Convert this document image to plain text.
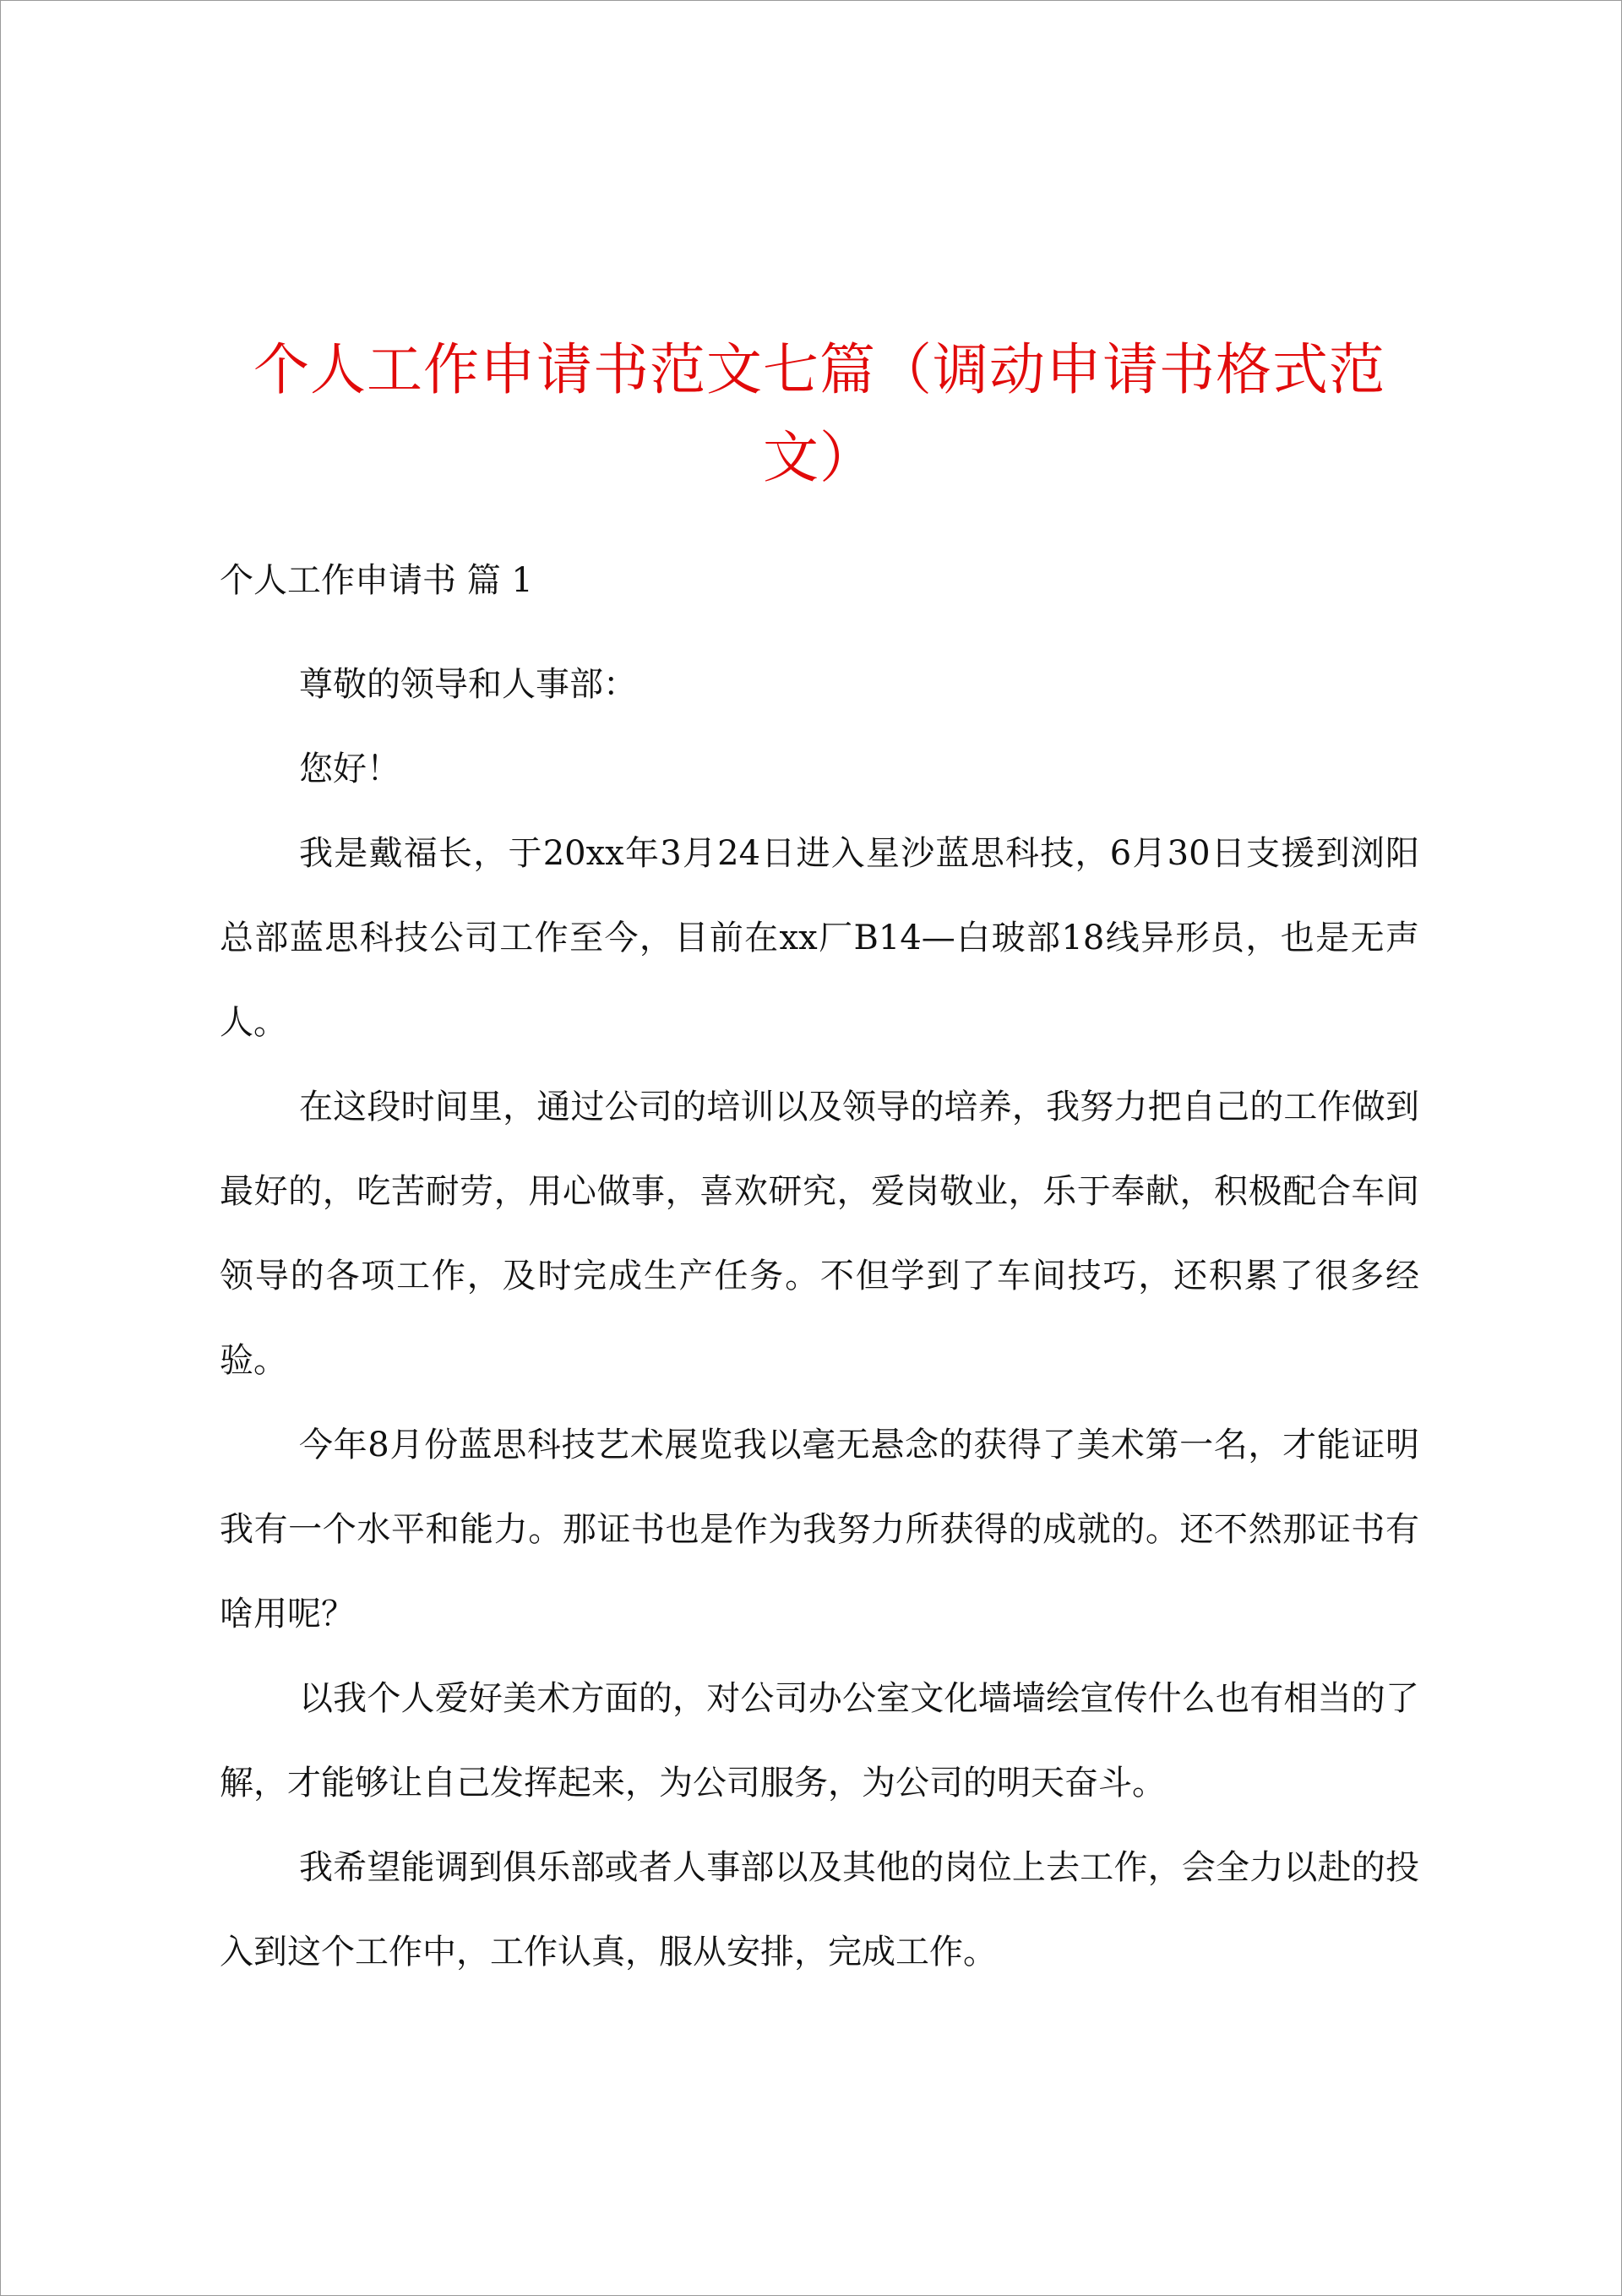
个人工作申请书范文七篇（调动申请书格式范文）

个人工作申请书 篇 1

尊敬的领导和人事部：

您好！

我是戴福长，于20xx年3月24日进入星沙蓝思科技，6月30日支援到浏阳总部蓝思科技公司工作至今，目前在xx厂B14—白玻部18线异形员，也是无声人。

在这段时间里，通过公司的培训以及领导的培养，我努力把自己的工作做到最好的，吃苦耐劳，用心做事，喜欢研究，爱岗敬业，乐于奉献，积极配合车间领导的各项工作，及时完成生产任务。不但学到了车间技巧，还积累了很多经验。

今年8月份蓝思科技艺术展览我以毫无悬念的获得了美术第一名，才能证明我有一个水平和能力。那证书也是作为我努力所获得的成就的。还不然那证书有啥用呢？

以我个人爱好美术方面的，对公司办公室文化墙墙绘宣传什么也有相当的了解，才能够让自己发挥起来，为公司服务，为公司的明天奋斗。

我希望能调到俱乐部或者人事部以及其他的岗位上去工作，会全力以赴的投入到这个工作中，工作认真，服从安排，完成工作。
